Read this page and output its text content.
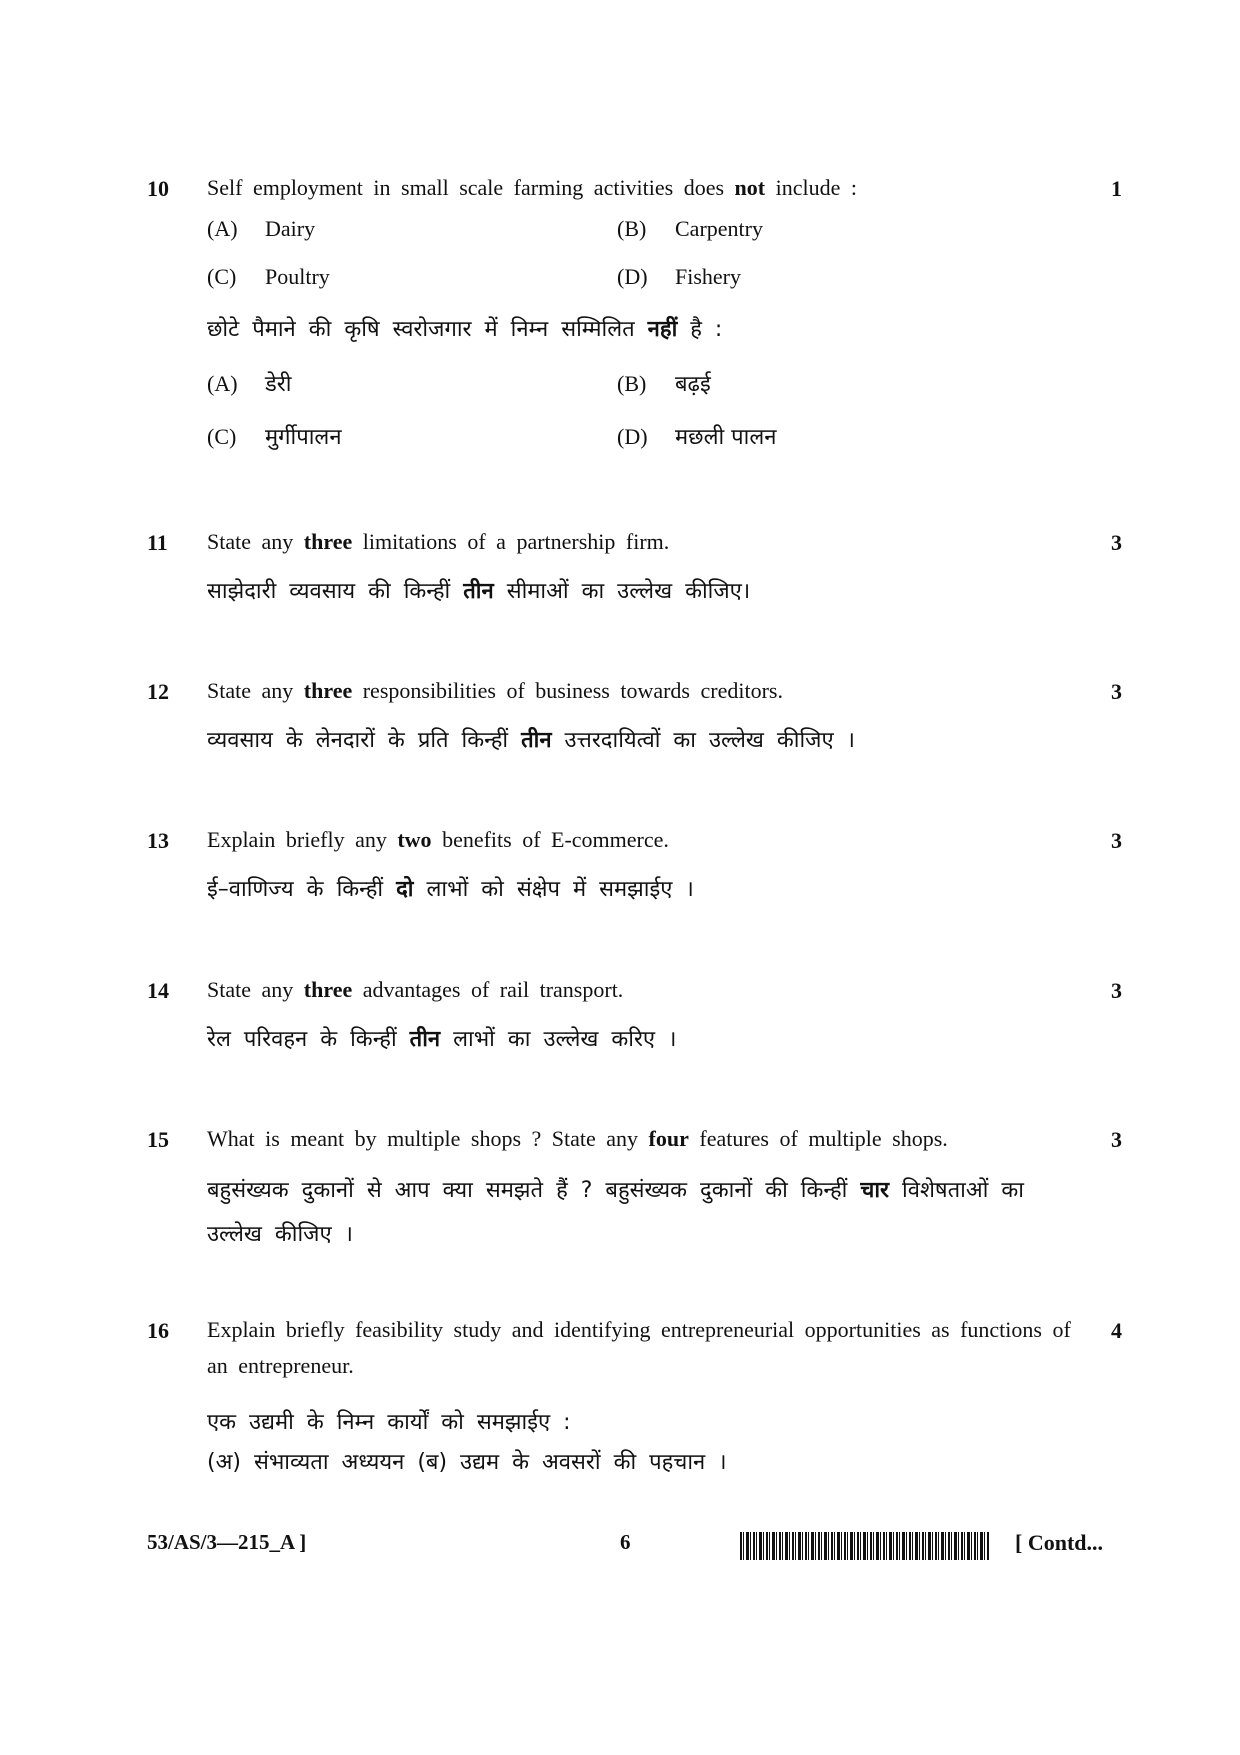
10 Self employment in small scale farming activities does not include :	1
(A) Dairy	(B) Carpentry
(C) Poultry	(D) Fishery
छोटे पैमाने की कृषि स्वरोजगार में निम्न सम्मिलित नहीं है :
(A) डेरी	(B) बढ़ई
(C) मुर्गीपालन	(D) मछली पालन
11 State any three limitations of a partnership firm.	3
साझेदारी व्यवसाय की किन्हीं तीन सीमाओं का उल्लेख कीजिए।
12 State any three responsibilities of business towards creditors.	3
व्यवसाय के लेनदारों के प्रति किन्हीं तीन उत्तरदायित्वों का उल्लेख कीजिए ।
13 Explain briefly any two benefits of E-commerce.	3
ई–वाणिज्य के किन्हीं दो लाभों को संक्षेप में समझाईए ।
14 State any three advantages of rail transport.	3
रेल परिवहन के किन्हीं तीन लाभों का उल्लेख करिए ।
15 What is meant by multiple shops ? State any four features of multiple shops.	3
बहुसंख्यक दुकानों से आप क्या समझते हैं ? बहुसंख्यक दुकानों की किन्हीं चार विशेषताओं का उल्लेख कीजिए ।
16 Explain briefly feasibility study and identifying entrepreneurial opportunities as functions of an entrepreneur.
4
एक उद्यमी के निम्न कार्यों को समझाईए :
(अ) संभाव्यता अध्ययन (ब) उद्यम के अवसरों की पहचान ।
53/AS/3—215_A ]	6	[ Contd...
